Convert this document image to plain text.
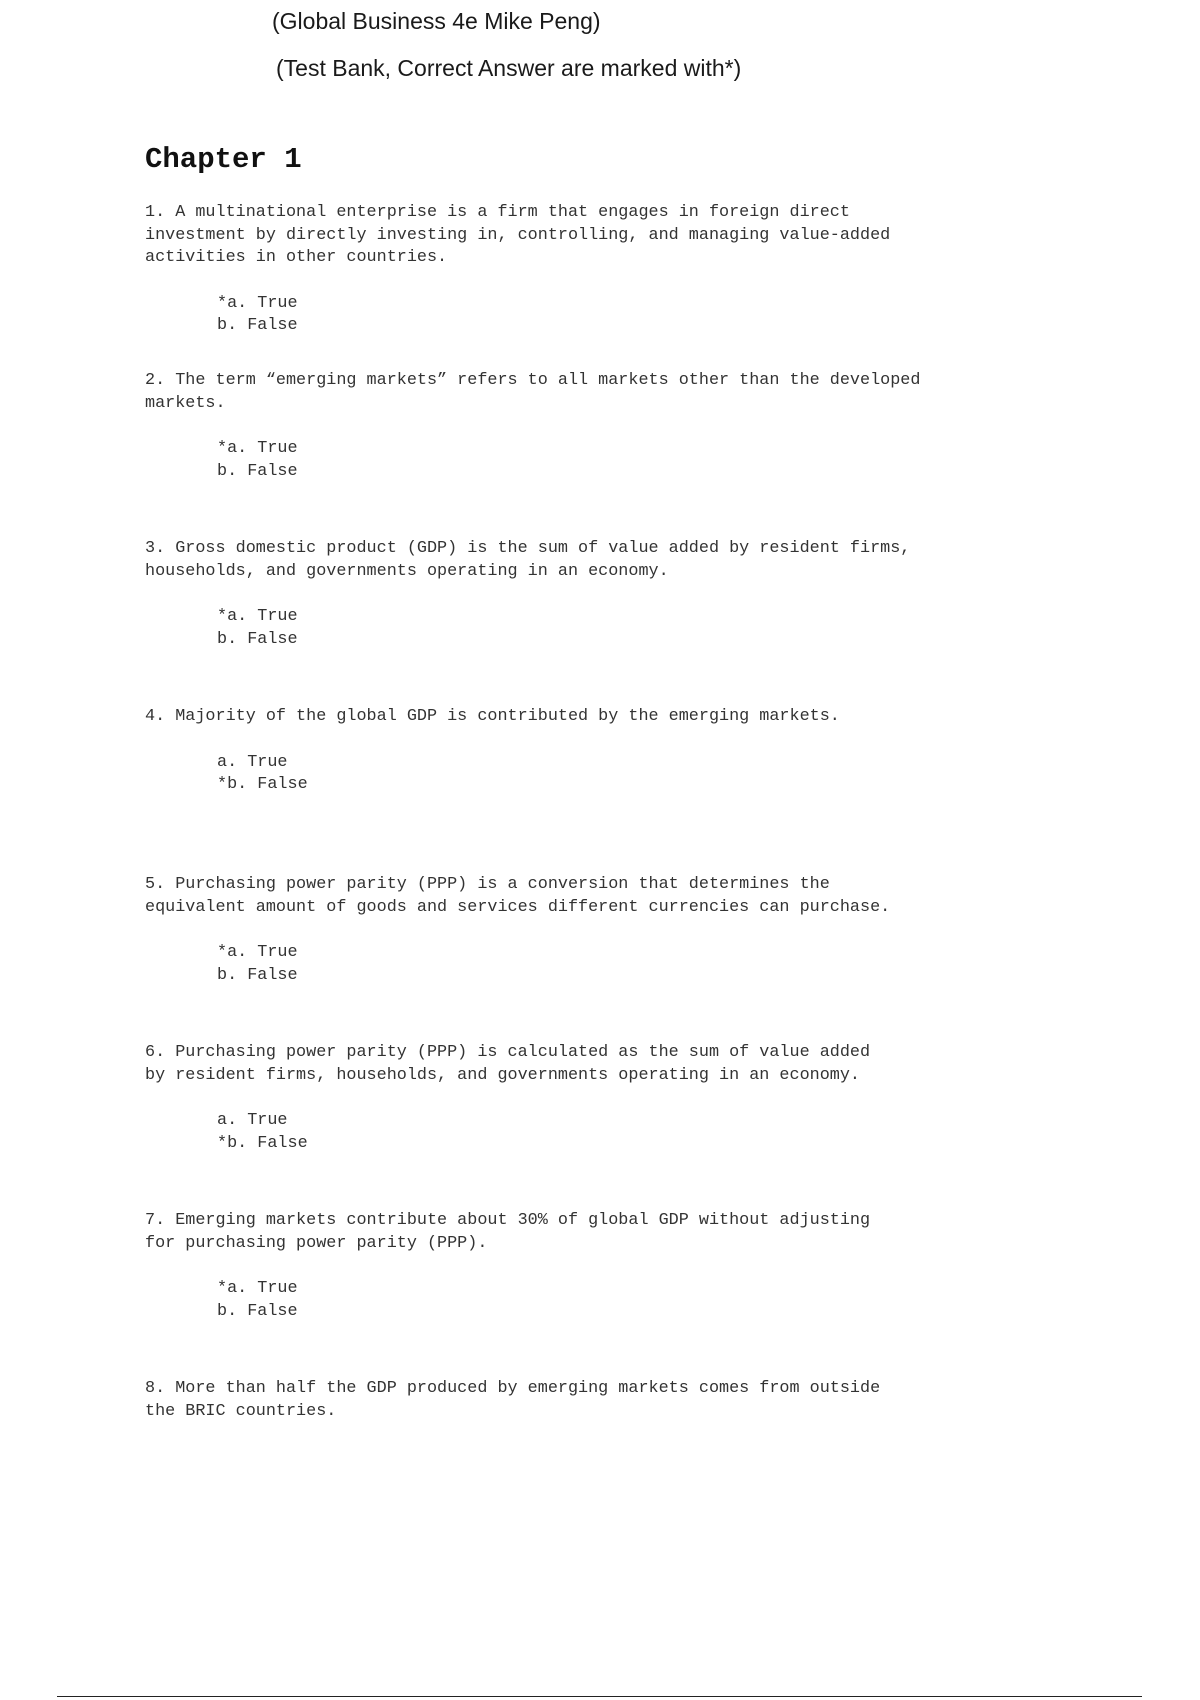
(Global Business 4e Mike Peng)
(Test Bank, Correct Answer are marked with*)
Chapter 1

1. A multinational enterprise is a firm that engages in foreign direct
investment by directly investing in, controlling, and managing value-added
activities in other countries.

*a. True
b. False

2. The term “emerging markets” refers to all markets other than the developed
markets.

*a. True
b. False

3. Gross domestic product (GDP) is the sum of value added by resident firms,
households, and governments operating in an economy.

*a. True
b. False

4. Majority of the global GDP is contributed by the emerging markets.

a. True
*b. False

5. Purchasing power parity (PPP) is a conversion that determines the
equivalent amount of goods and services different currencies can purchase.

*a. True
b. False

6. Purchasing power parity (PPP) is calculated as the sum of value added
by resident firms, households, and governments operating in an economy.

a. True
*b. False

7. Emerging markets contribute about 30% of global GDP without adjusting
for purchasing power parity (PPP).

*a. True
b. False

8. More than half the GDP produced by emerging markets comes from outside
the BRIC countries.
